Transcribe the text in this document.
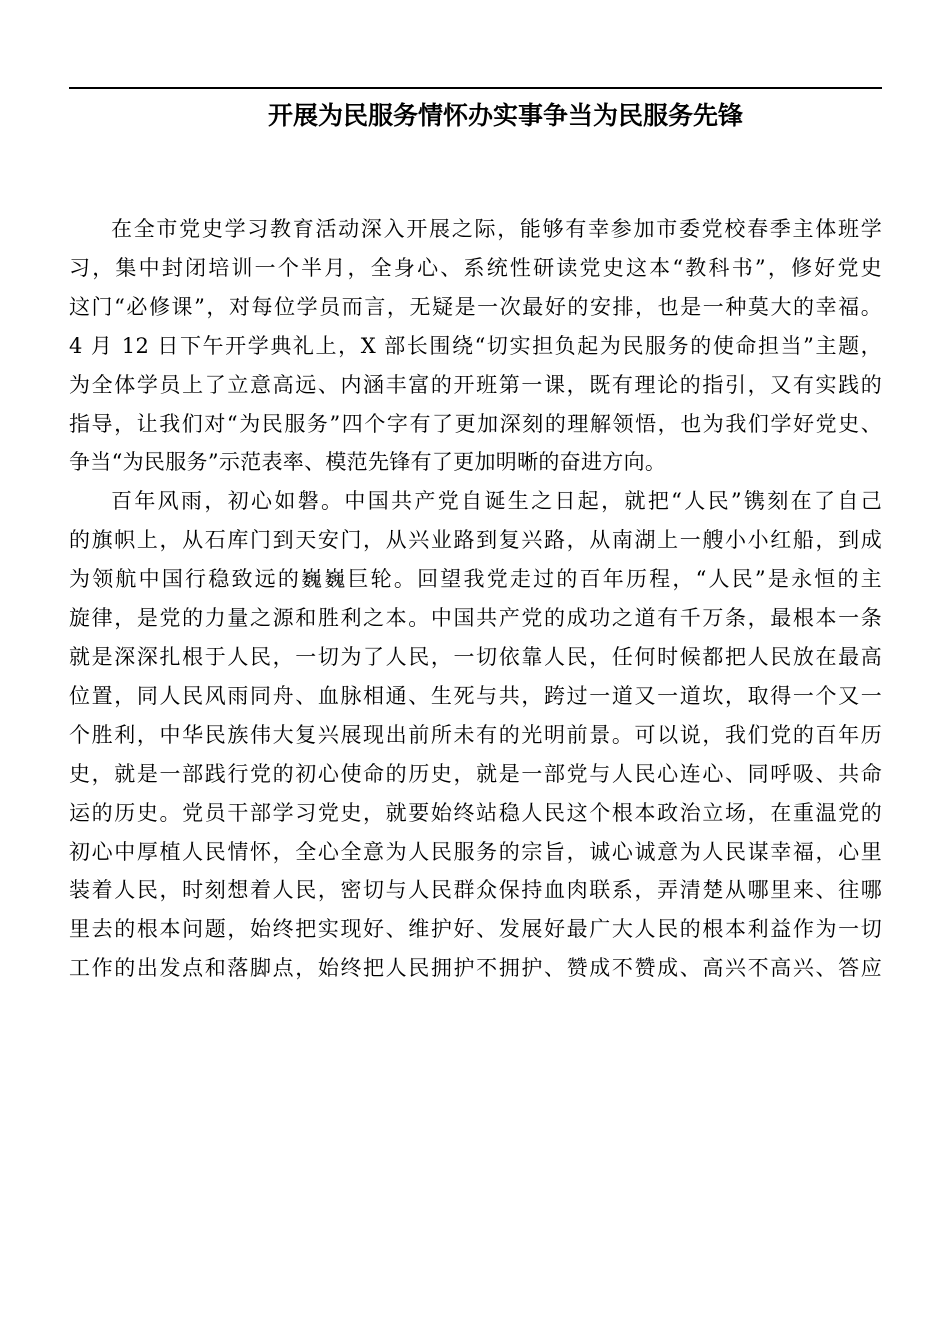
开展为民服务情怀办实事争当为民服务先锋
在全市党史学习教育活动深入开展之际，能够有幸参加市委党校春季主体班学
习，集中封闭培训一个半月，全身心、系统性研读党史这本“教科书”，修好党史
这门“必修课”，对每位学员而言，无疑是一次最好的安排，也是一种莫大的幸福。
4 月 12 日下午开学典礼上，X 部长围绕“切实担负起为民服务的使命担当”主题，
为全体学员上了立意高远、内涵丰富的开班第一课，既有理论的指引，又有实践的
指导，让我们对“为民服务”四个字有了更加深刻的理解领悟，也为我们学好党史、
争当“为民服务”示范表率、模范先锋有了更加明晰的奋进方向。
百年风雨，初心如磐。中国共产党自诞生之日起，就把“人民”镌刻在了自己
的旗帜上，从石库门到天安门，从兴业路到复兴路，从南湖上一艘小小红船，到成
为领航中国行稳致远的巍巍巨轮。回望我党走过的百年历程，“人民”是永恒的主
旋律，是党的力量之源和胜利之本。中国共产党的成功之道有千万条，最根本一条
就是深深扎根于人民，一切为了人民，一切依靠人民，任何时候都把人民放在最高
位置，同人民风雨同舟、血脉相通、生死与共，跨过一道又一道坎，取得一个又一
个胜利，中华民族伟大复兴展现出前所未有的光明前景。可以说，我们党的百年历
史，就是一部践行党的初心使命的历史，就是一部党与人民心连心、同呼吸、共命
运的历史。党员干部学习党史，就要始终站稳人民这个根本政治立场，在重温党的
初心中厚植人民情怀，全心全意为人民服务的宗旨，诚心诚意为人民谋幸福，心里
装着人民，时刻想着人民，密切与人民群众保持血肉联系，弄清楚从哪里来、往哪
里去的根本问题，始终把实现好、维护好、发展好最广大人民的根本利益作为一切
工作的出发点和落脚点，始终把人民拥护不拥护、赞成不赞成、高兴不高兴、答应
